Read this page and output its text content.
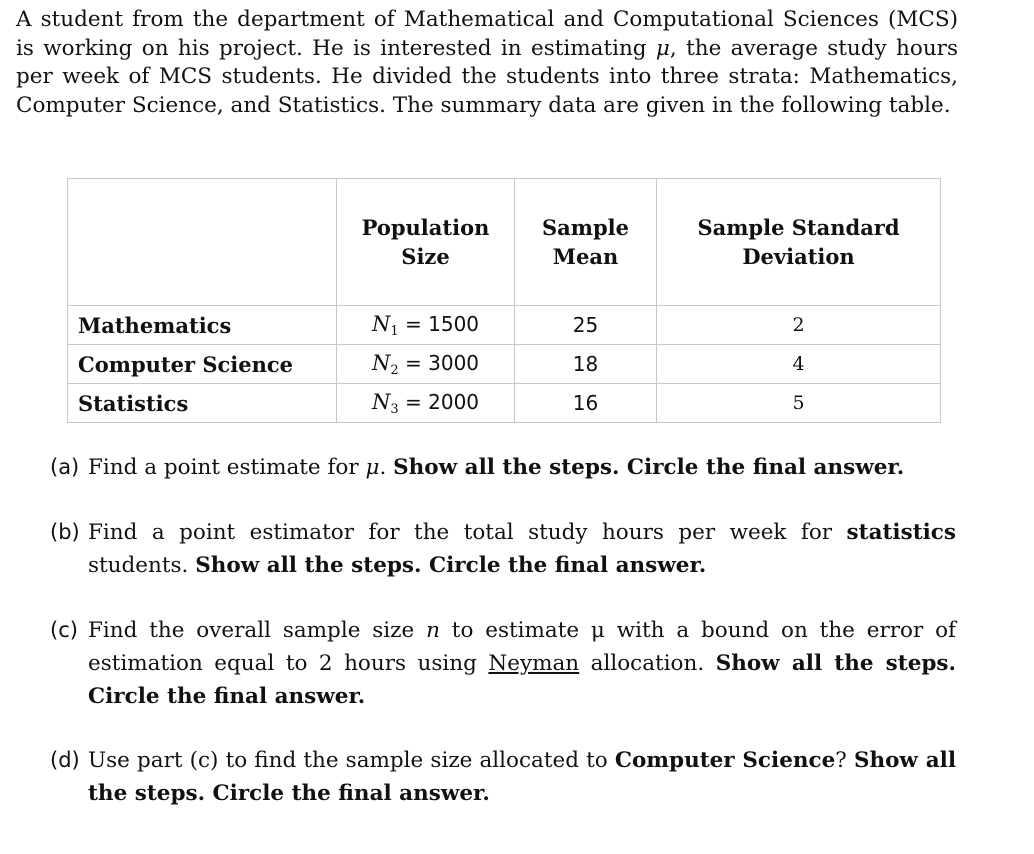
A student from the department of Mathematical and Computational Sciences (MCS) is working on his project. He is interested in estimating μ, the average study hours per week of MCS students. He divided the students into three strata: Mathematics, Computer Science, and Statistics. The summary data are given in the following table.

	Population Size	Sample Mean	Sample Standard Deviation
Mathematics	$N_1 = 1500$	25	2
Computer Science	$N_2 = 3000$	18	4
Statistics	$N_3 = 2000$	16	5
(a) Find a point estimate for μ. Show all the steps. Circle the final answer.
(b) Find a point estimator for the total study hours per week for statistics students. Show all the steps. Circle the final answer.
(c) Find the overall sample size n to estimate μ with a bound on the error of estimation equal to 2 hours using Neyman allocation. Show all the steps. Circle the final answer.
(d) Use part (c) to find the sample size allocated to Computer Science? Show all the steps. Circle the final answer.
